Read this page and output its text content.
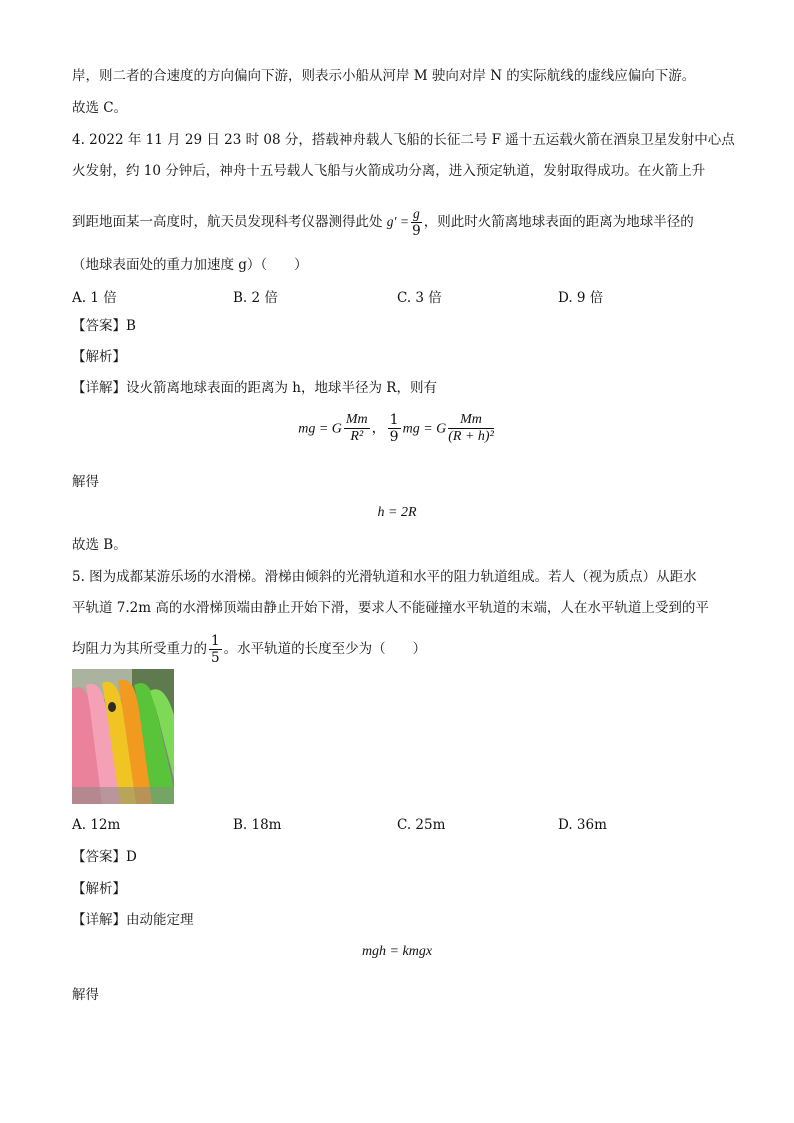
岸，则二者的合速度的方向偏向下游，则表示小船从河岸 M 驶向对岸 N 的实际航线的虚线应偏向下游。
故选 C。
4. 2022 年 11 月 29 日 23 时 08 分，搭载神舟载人飞船的长征二号 F 遥十五运载火箭在酒泉卫星发射中心点
火发射，约 10 分钟后，神舟十五号载人飞船与火箭成功分离，进入预定轨道，发射取得成功。在火箭上升
到距地面某一高度时，航天员发现科考仪器测得此处 $g' = \frac{g}{9}$ ，则此时火箭离地球表面的距离为地球半径的
（地球表面处的重力加速度 g）（　　）
A. 1 倍	B. 2 倍	C. 3 倍	D. 9 倍
【答案】B
【解析】
【详解】设火箭离地球表面的距离为 h，地球半径为 R，则有
mg = G $\frac{Mm}{\text{R²}}$ ， $\frac{1}{9}$ mg = G $\frac{Mm}{\text{(R + h)²}}$
解得
h = 2R
故选 B。
5. 图为成都某游乐场的水滑梯。滑梯由倾斜的光滑轨道和水平的阻力轨道组成。若人（视为质点）从距水
平轨道 7.2m 高的水滑梯顶端由静止开始下滑，要求人不能碰撞水平轨道的末端，人在水平轨道上受到的平
均阻力为其所受重力的 $\frac{1}{5}$ 。水平轨道的长度至少为（　　）
A. 12m	B. 18m	C. 25m	D. 36m
【答案】D
【解析】
【详解】由动能定理
mgh = kmgx
解得
